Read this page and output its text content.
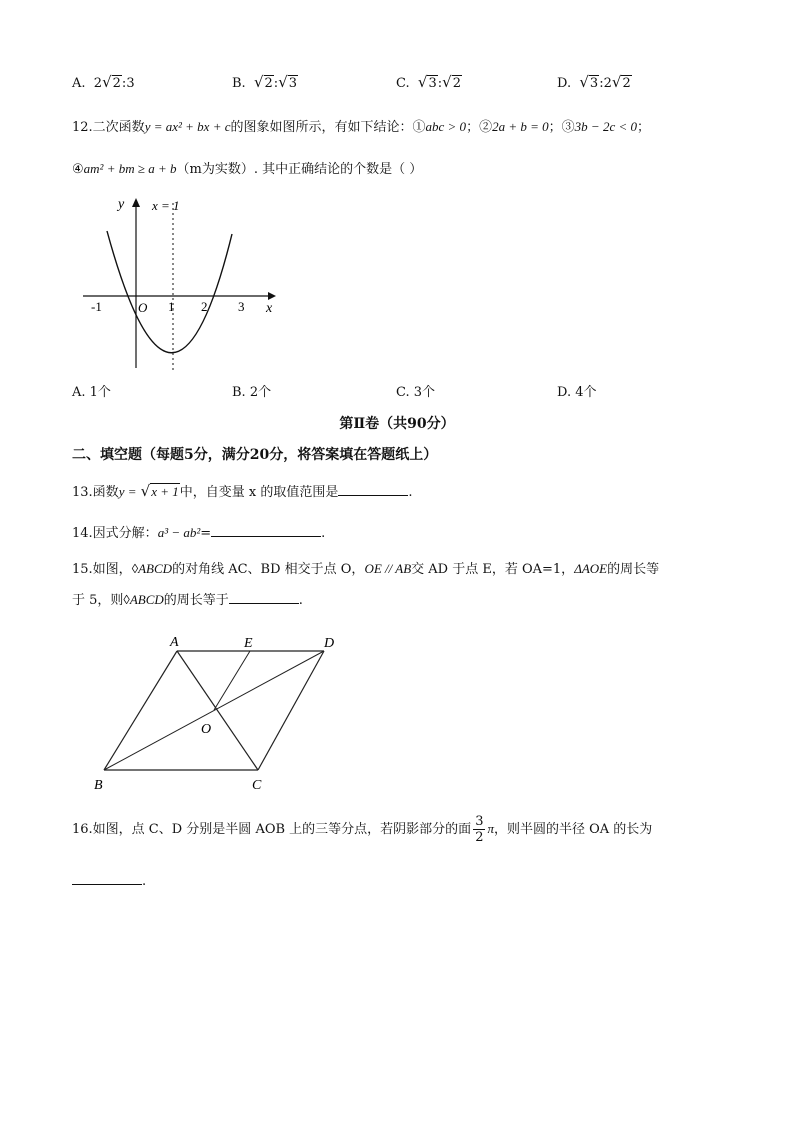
A. 2√2:3	B. √2:√3	C. √3:√2	D. √3:2√2
12.二次函数y = ax² + bx + c的图象如图所示，有如下结论：①abc > 0；②2a + b = 0；③3b − 2c < 0；
④am² + bm ≥ a + b（m为实数）. 其中正确结论的个数是（ ）
y
x
O
x = 1
-1	1 2 3
A. 1个	B. 2个	C. 3个	D. 4个
第Ⅱ卷（共90分）
二、填空题（每题5分，满分20分，将答案填在答题纸上）
13.函数y = √x + 1中，自变量 x 的取值范围是	.
14.因式分解：a³ − ab²=	.
15.如图，◊ABCD的对角线 AC、BD 相交于点 O，OE // AB交 AD 于点 E，若 OA=1，ΔAOE的周长等
于 5，则◊ABCD的周长等于	.
A	E	D
O
B	C
16.如图，点 C、D 分别是半圆 AOB 上的三等分点，若阴影部分的面 $\frac{3}{2}$ π，则半圆的半径 OA 的长为
.
